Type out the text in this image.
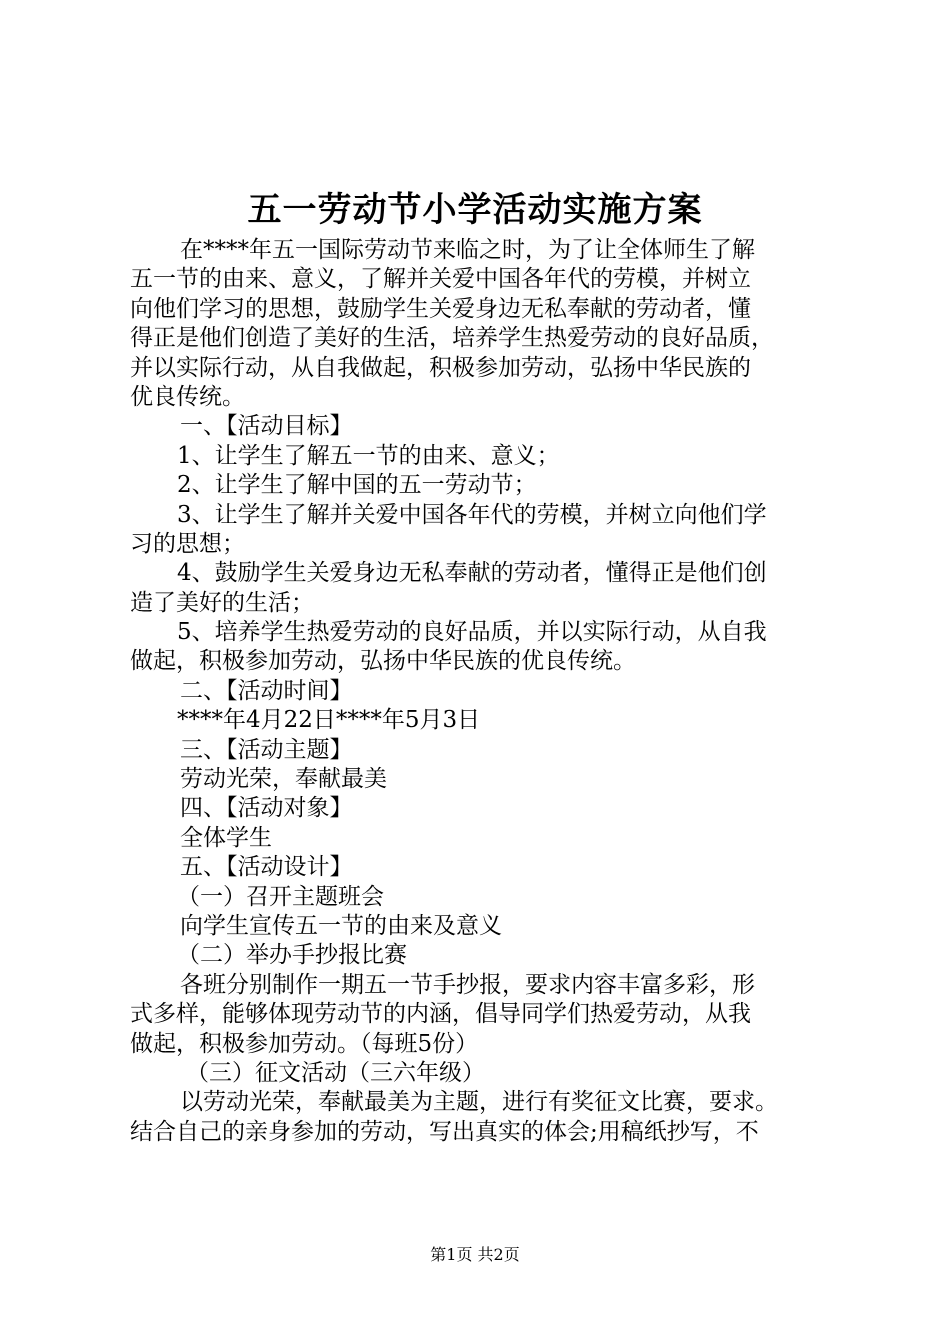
五一劳动节小学活动实施方案
在****年五一国际劳动节来临之时，为了让全体师生了解
五一节的由来、意义，了解并关爱中国各年代的劳模，并树立
向他们学习的思想，鼓励学生关爱身边无私奉献的劳动者，懂
得正是他们创造了美好的生活，培养学生热爱劳动的良好品质，
并以实际行动，从自我做起，积极参加劳动，弘扬中华民族的
优良传统。
一、【活动目标】
1、让学生了解五一节的由来、意义；
2、让学生了解中国的五一劳动节；
3、让学生了解并关爱中国各年代的劳模，并树立向他们学
习的思想；
4、鼓励学生关爱身边无私奉献的劳动者，懂得正是他们创
造了美好的生活；
5、培养学生热爱劳动的良好品质，并以实际行动，从自我
做起，积极参加劳动，弘扬中华民族的优良传统。
二、【活动时间】
****年4月22日****年5月3日
三、【活动主题】
劳动光荣，奉献最美
四、【活动对象】
全体学生
五、【活动设计】
（一）召开主题班会
向学生宣传五一节的由来及意义
（二）举办手抄报比赛
各班分别制作一期五一节手抄报，要求内容丰富多彩，形
式多样，能够体现劳动节的内涵，倡导同学们热爱劳动，从我
做起，积极参加劳动。（每班5份）
（三）征文活动（三六年级）
以劳动光荣，奉献最美为主题，进行有奖征文比赛，要求。
结合自己的亲身参加的劳动，写出真实的体会;用稿纸抄写，不
第1页 共2页
